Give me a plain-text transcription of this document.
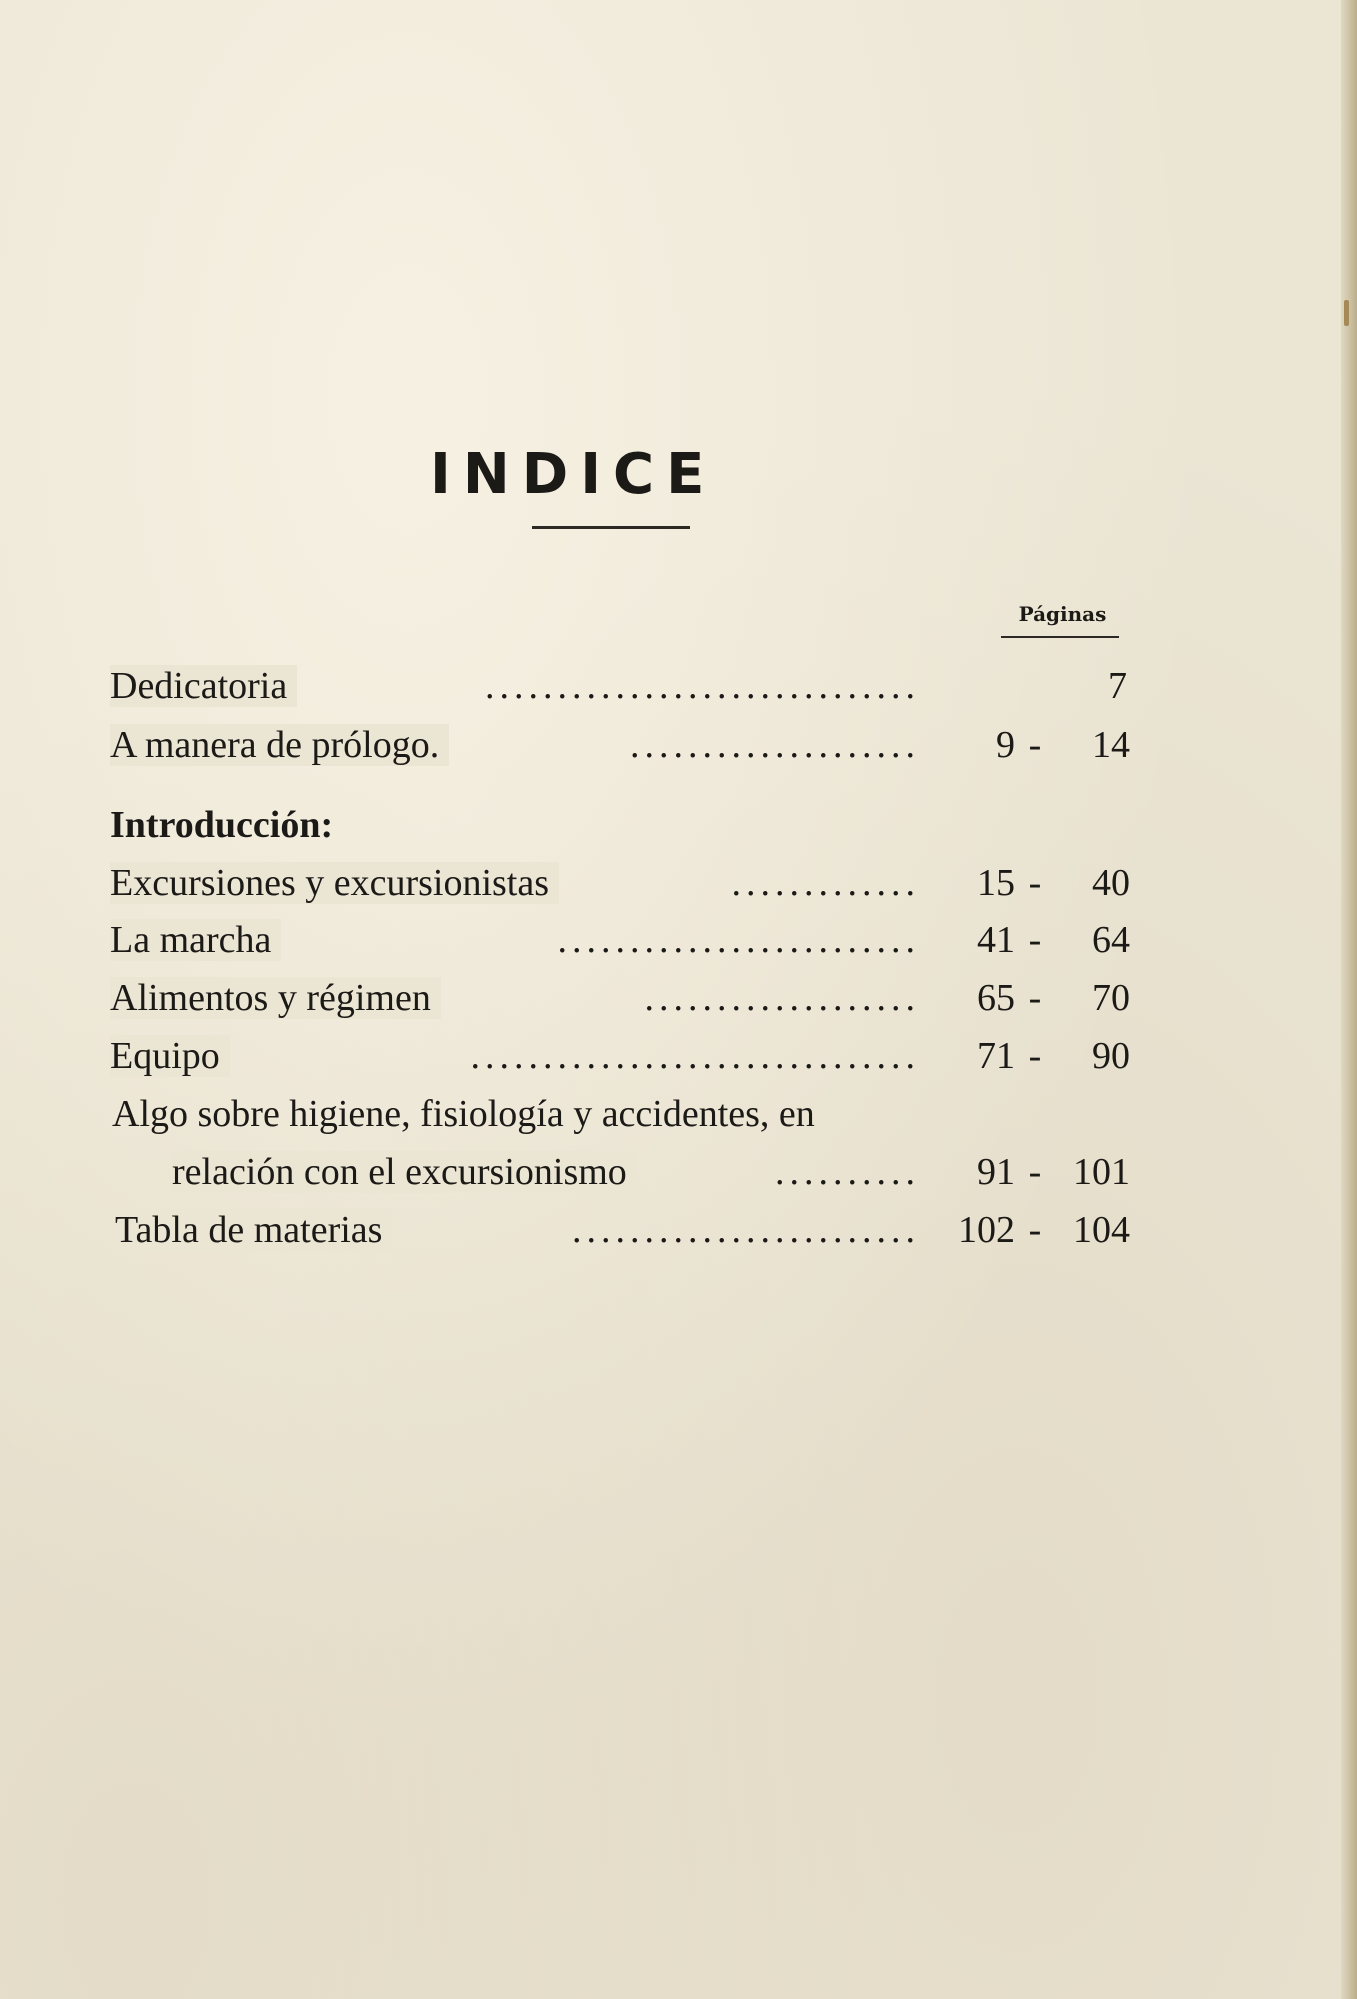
INDICE
Páginas
Dedicatoria	..............................	7
A manera de prólogo.	....................	9 -	14
Introducción:
Excursiones y excursionistas	.............	15 -	40
La marcha	.........................	41 -	64
Alimentos y régimen	...................	65 -	70
Equipo	...............................	71 -	90
Algo sobre higiene, fisiología y accidentes, en
relación con el excursionismo	..........	91 - 101
Tabla de materias	........................ 102 - 104
